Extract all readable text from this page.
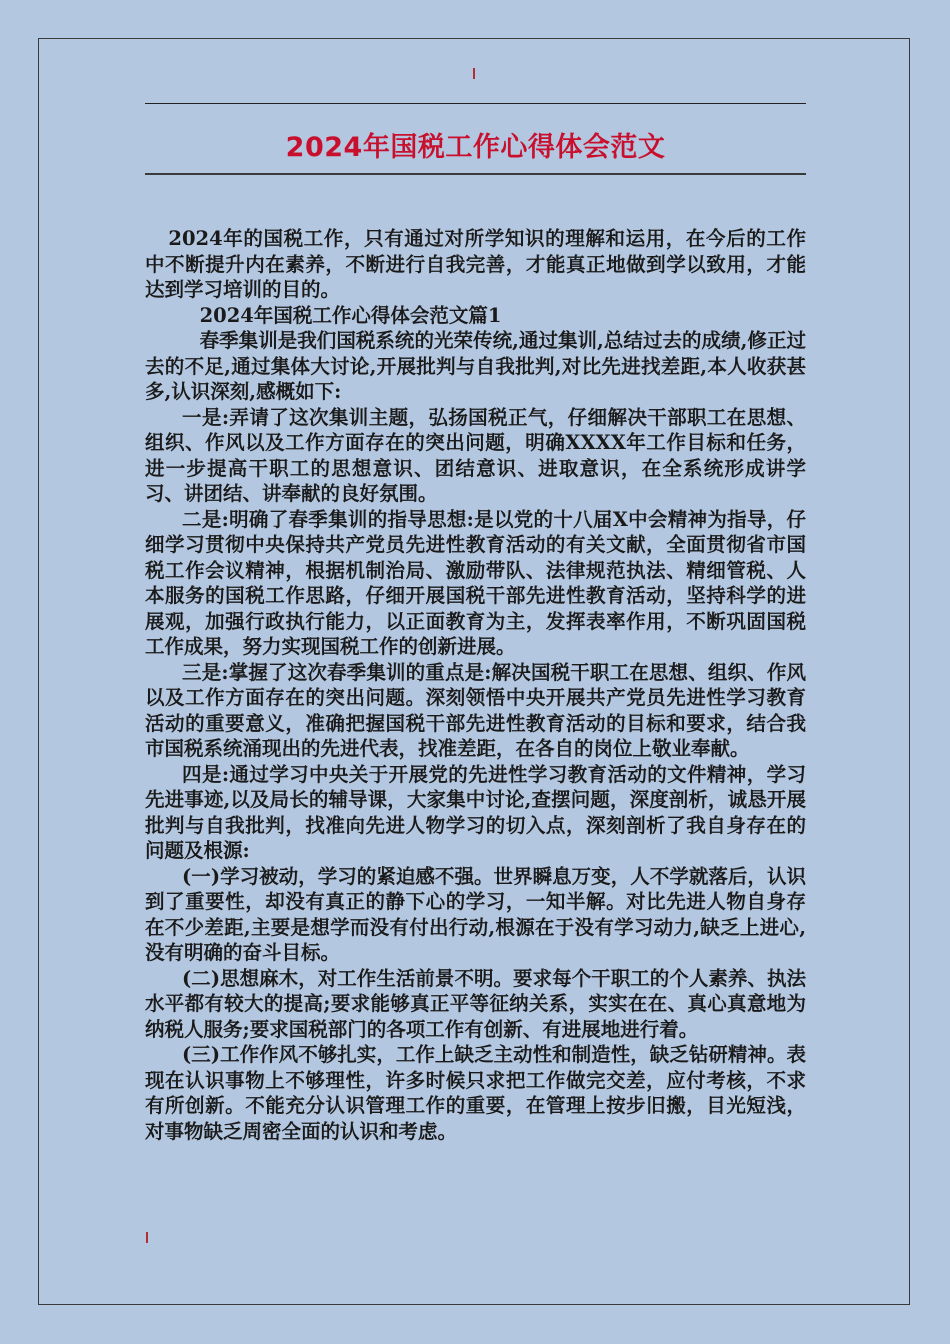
2024年国税工作心得体会范文

2024年的国税工作，只有通过对所学知识的理解和运用，在今后的工作中不断提升内在素养，不断进行自我完善，才能真正地做到学以致用，才能达到学习培训的目的。

2024年国税工作心得体会范文篇1

春季集训是我们国税系统的光荣传统,通过集训,总结过去的成绩,修正过去的不足,通过集体大讨论,开展批判与自我批判,对比先进找差距,本人收获甚多,认识深刻,感概如下:

一是:弄请了这次集训主题，弘扬国税正气，仔细解决干部职工在思想、组织、作风以及工作方面存在的突出问题，明确XXXX年工作目标和任务，进一步提高干职工的思想意识、团结意识、进取意识，在全系统形成讲学习、讲团结、讲奉献的良好氛围。

二是:明确了春季集训的指导思想:是以党的十八届X中会精神为指导，仔细学习贯彻中央保持共产党员先进性教育活动的有关文献，全面贯彻省市国税工作会议精神，根据机制治局、激励带队、法律规范执法、精细管税、人本服务的国税工作思路，仔细开展国税干部先进性教育活动，坚持科学的进展观，加强行政执行能力，以正面教育为主，发挥表率作用，不断巩固国税工作成果，努力实现国税工作的创新进展。

三是:掌握了这次春季集训的重点是:解决国税干职工在思想、组织、作风以及工作方面存在的突出问题。深刻领悟中央开展共产党员先进性学习教育活动的重要意义，准确把握国税干部先进性教育活动的目标和要求，结合我市国税系统涌现出的先进代表，找准差距，在各自的岗位上敬业奉献。

四是:通过学习中央关于开展党的先进性学习教育活动的文件精神，学习先进事迹,以及局长的辅导课，大家集中讨论,查摆问题，深度剖析，诚恳开展批判与自我批判，找准向先进人物学习的切入点，深刻剖析了我自身存在的问题及根源:

(一)学习被动，学习的紧迫感不强。世界瞬息万变，人不学就落后，认识到了重要性，却没有真正的静下心的学习，一知半解。对比先进人物自身存在不少差距,主要是想学而没有付出行动,根源在于没有学习动力,缺乏上进心,没有明确的奋斗目标。

(二)思想麻木，对工作生活前景不明。要求每个干职工的个人素养、执法水平都有较大的提高;要求能够真正平等征纳关系，实实在在、真心真意地为纳税人服务;要求国税部门的各项工作有创新、有进展地进行着。

(三)工作作风不够扎实，工作上缺乏主动性和制造性，缺乏钻研精神。表现在认识事物上不够理性，许多时候只求把工作做完交差，应付考核，不求有所创新。不能充分认识管理工作的重要，在管理上按步旧搬，目光短浅，对事物缺乏周密全面的认识和考虑。
